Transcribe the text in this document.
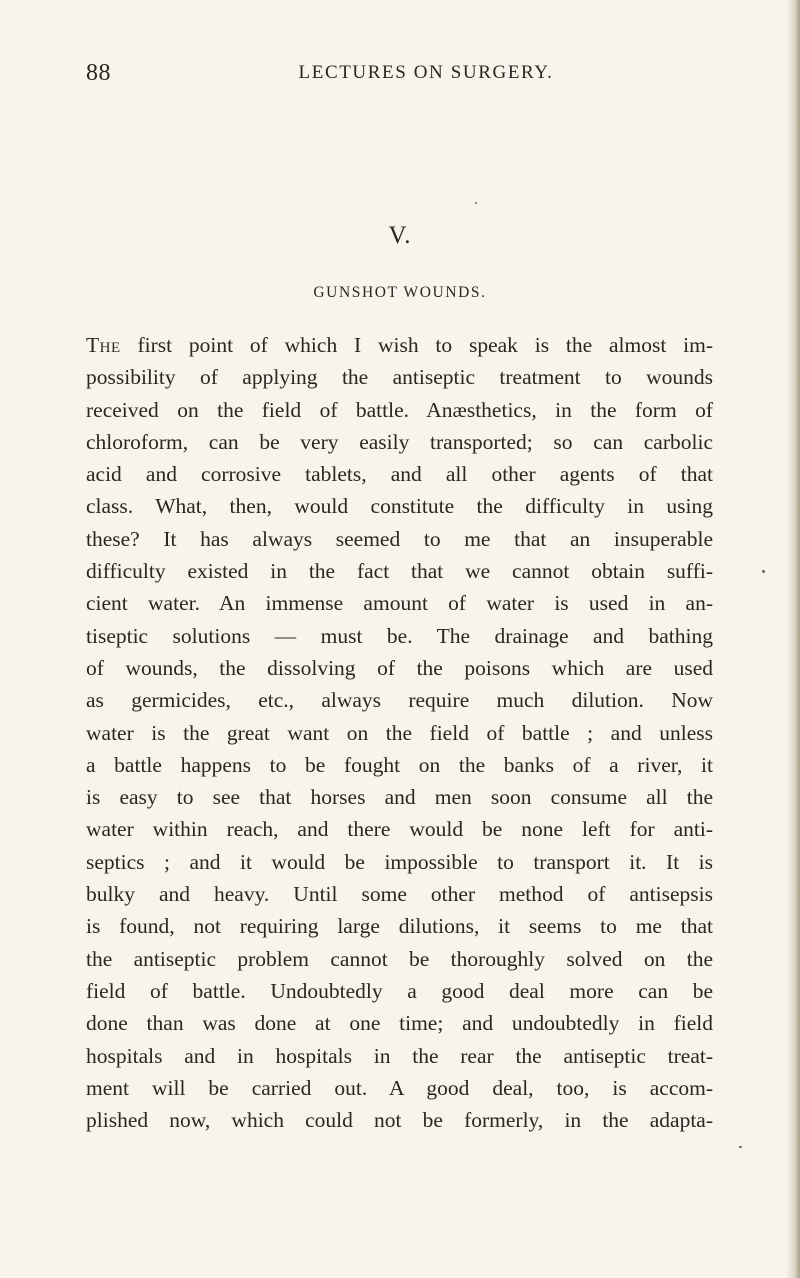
88	LECTURES ON SURGERY.
V.
GUNSHOT WOUNDS.
The first point of which I wish to speak is the almost im-
possibility of applying the antiseptic treatment to wounds
received on the field of battle. Anæsthetics, in the form of
chloroform, can be very easily transported; so can carbolic
acid and corrosive tablets, and all other agents of that
class. What, then, would constitute the difficulty in using
these? It has always seemed to me that an insuperable
difficulty existed in the fact that we cannot obtain suffi-
cient water. An immense amount of water is used in an-
tiseptic solutions — must be. The drainage and bathing
of wounds, the dissolving of the poisons which are used
as germicides, etc., always require much dilution. Now
water is the great want on the field of battle ; and unless
a battle happens to be fought on the banks of a river, it
is easy to see that horses and men soon consume all the
water within reach, and there would be none left for anti-
septics ; and it would be impossible to transport it. It is
bulky and heavy. Until some other method of antisepsis
is found, not requiring large dilutions, it seems to me that
the antiseptic problem cannot be thoroughly solved on the
field of battle. Undoubtedly a good deal more can be
done than was done at one time; and undoubtedly in field
hospitals and in hospitals in the rear the antiseptic treat-
ment will be carried out. A good deal, too, is accom-
plished now, which could not be formerly, in the adapta-
